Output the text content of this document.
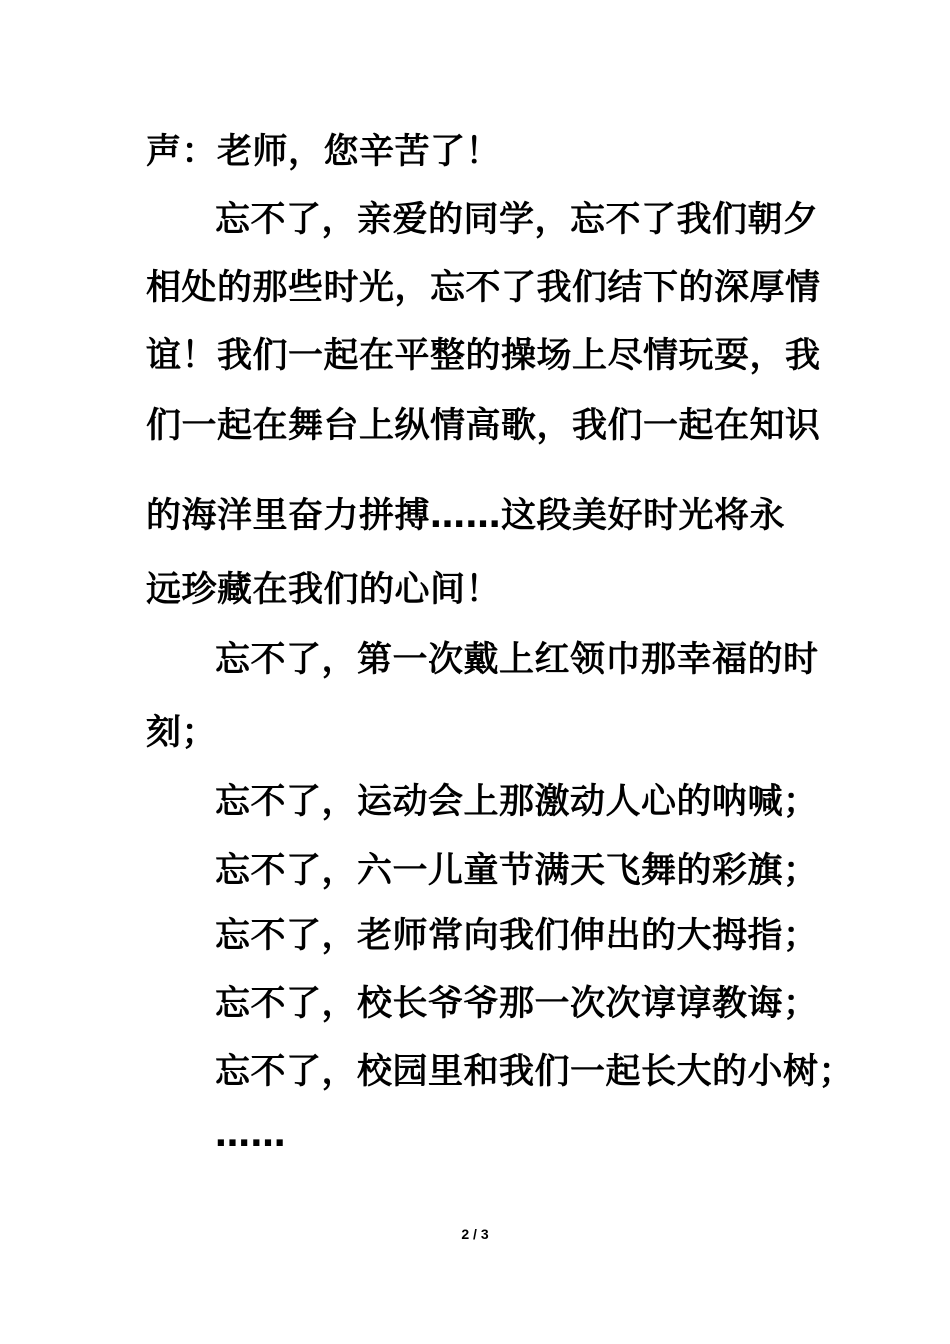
声：老师，您辛苦了！
忘不了，亲爱的同学，忘不了我们朝夕
相处的那些时光，忘不了我们结下的深厚情
谊！我们一起在平整的操场上尽情玩耍，我
们一起在舞台上纵情高歌，我们一起在知识
的海洋里奋力拼搏……这段美好时光将永
远珍藏在我们的心间！
忘不了，第一次戴上红领巾那幸福的时
刻；
忘不了，运动会上那激动人心的呐喊；
忘不了，六一儿童节满天飞舞的彩旗；
忘不了，老师常向我们伸出的大拇指；
忘不了，校长爷爷那一次次谆谆教诲；
忘不了，校园里和我们一起长大的小树；
……
2 / 3
